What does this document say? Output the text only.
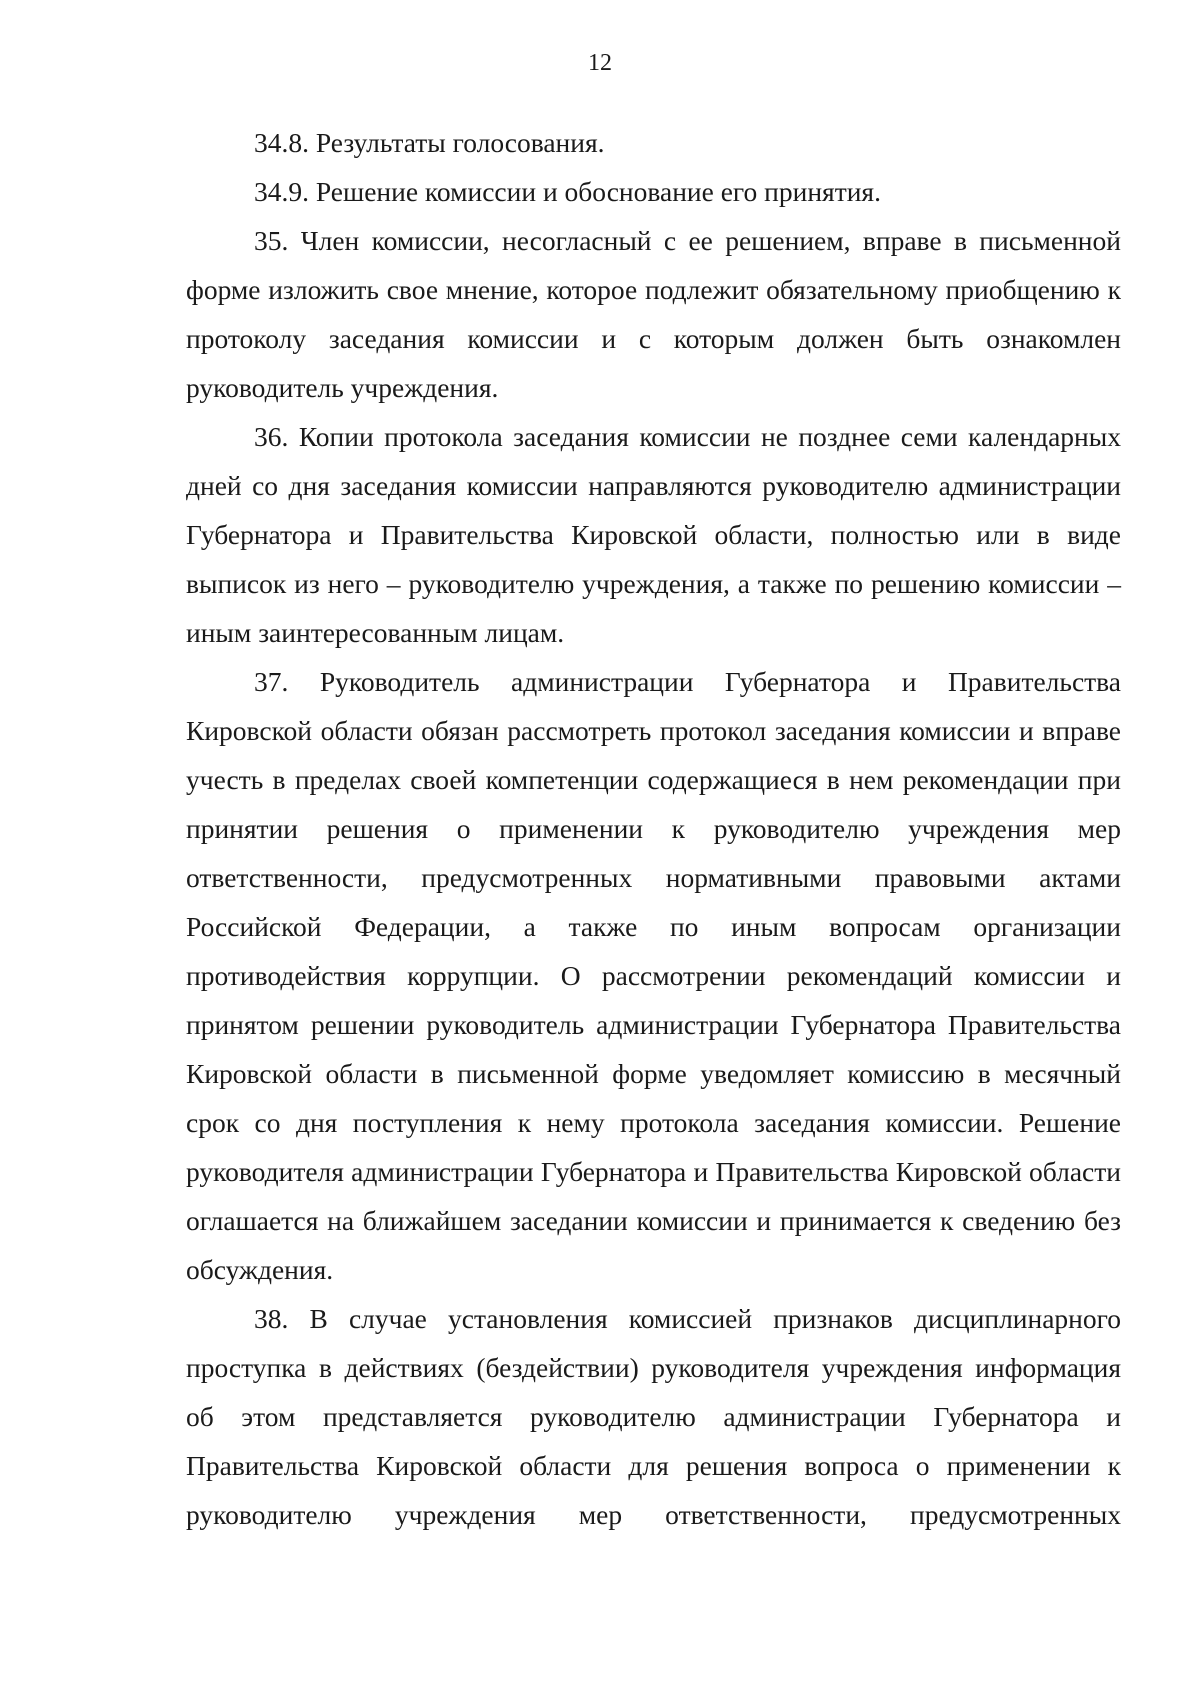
12

34.8. Результаты голосования.

34.9. Решение комиссии и обоснование его принятия.

35. Член комиссии, несогласный с ее решением, вправе в письменной форме изложить свое мнение, которое подлежит обязательному приобщению к протоколу заседания комиссии и с которым должен быть ознакомлен руководитель учреждения.

36. Копии протокола заседания комиссии не позднее семи календарных дней со дня заседания комиссии направляются руководителю администрации Губернатора и Правительства Кировской области, полностью или в виде выписок из него – руководителю учреждения, а также по решению комиссии – иным заинтересованным лицам.

37. Руководитель администрации Губернатора и Правительства Кировской области обязан рассмотреть протокол заседания комиссии и вправе учесть в пределах своей компетенции содержащиеся в нем рекомендации при принятии решения о применении к руководителю учреждения мер ответственности, предусмотренных нормативными правовыми актами Российской Федерации, а также по иным вопросам организации противодействия коррупции. О рассмотрении рекомендаций комиссии и принятом решении руководитель администрации Губернатора Правительства Кировской области в письменной форме уведомляет комиссию в месячный срок со дня поступления к нему протокола заседания комиссии. Решение руководителя администрации Губернатора и Правительства Кировской области оглашается на ближайшем заседании комиссии и принимается к сведению без обсуждения.

38. В случае установления комиссией признаков дисциплинарного проступка в действиях (бездействии) руководителя учреждения информация об этом представляется руководителю администрации Губернатора и Правительства Кировской области для решения вопроса о применении к руководителю учреждения мер ответственности, предусмотренных
